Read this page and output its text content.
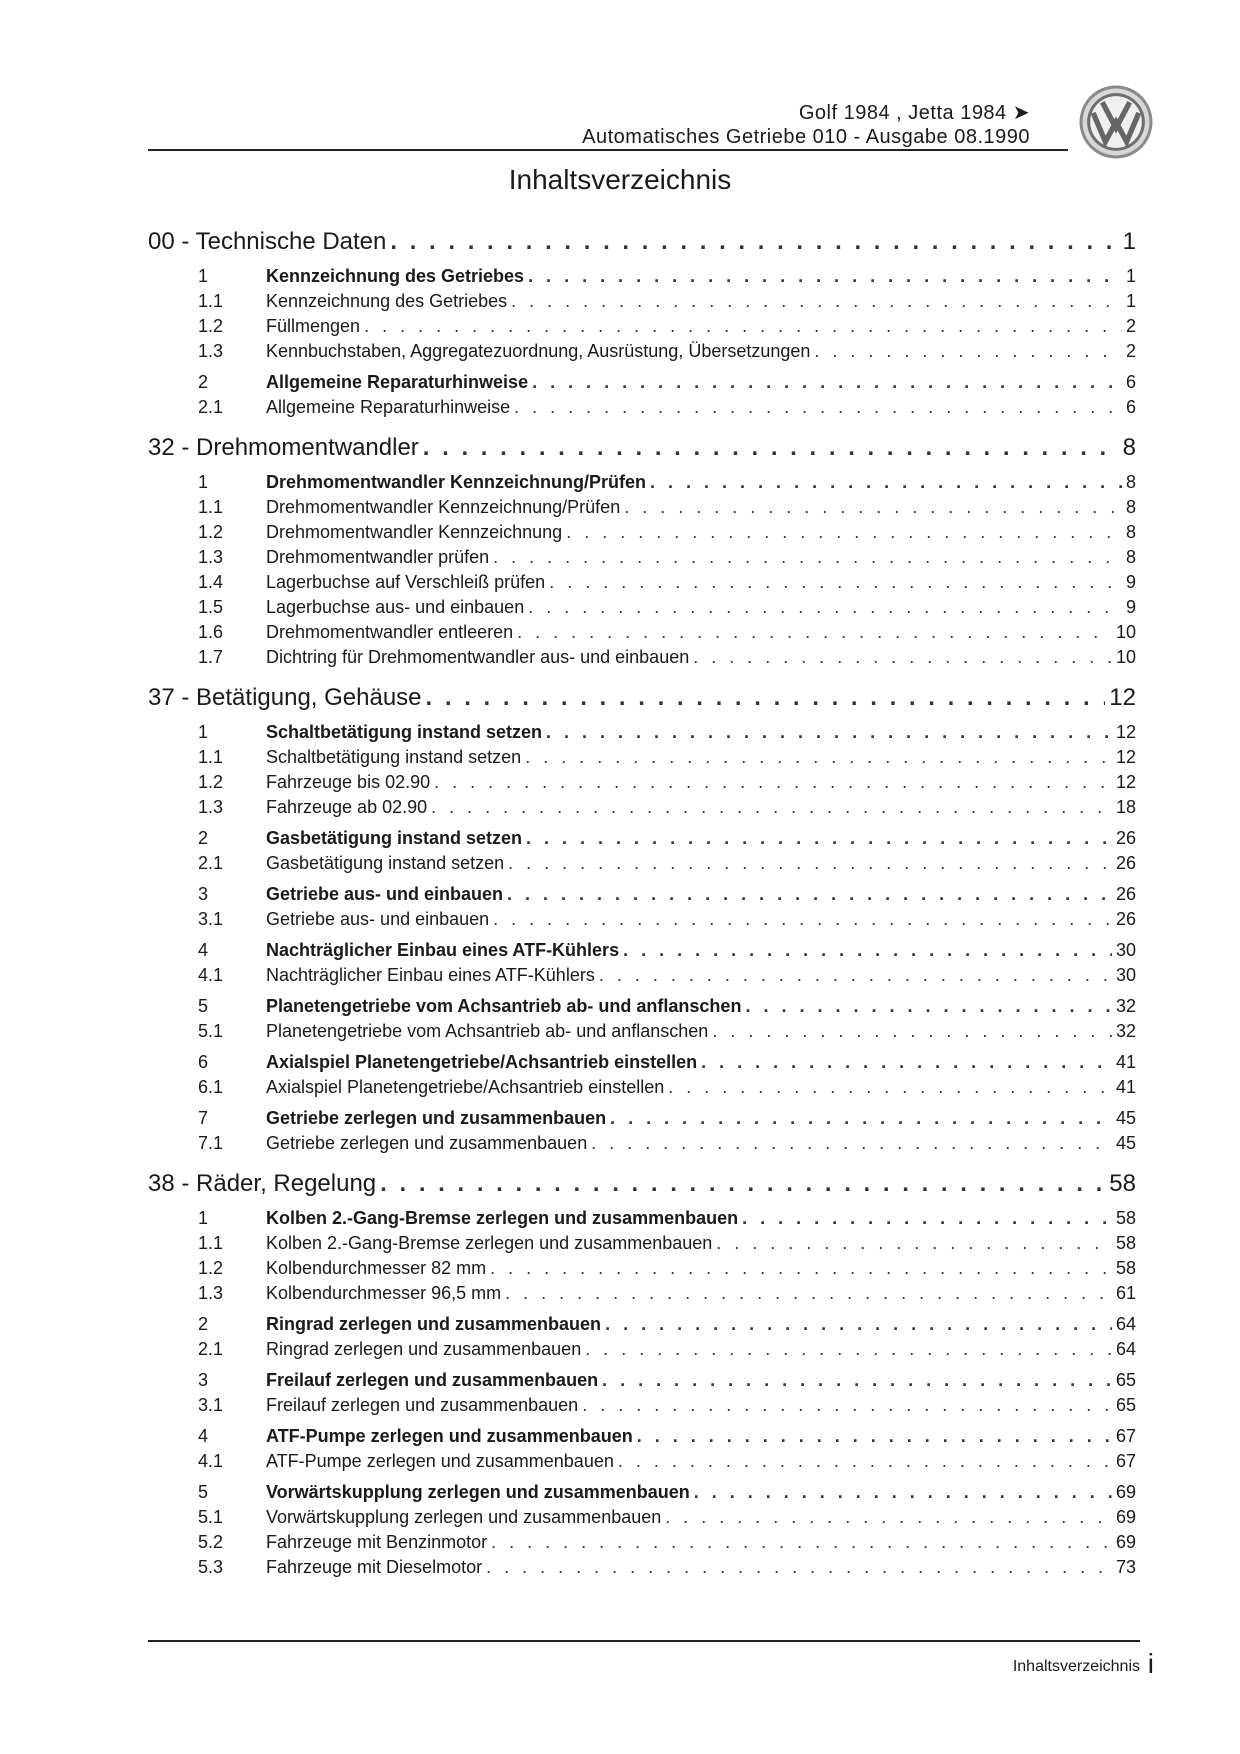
Golf 1984 , Jetta 1984 ➤
Automatisches Getriebe 010 - Ausgabe 08.1990
Inhaltsverzeichnis
00 - Technische Daten . . .	1
1	Kennzeichnung des Getriebes . . .	1
1.1	Kennzeichnung des Getriebes . . .	1
1.2	Füllmengen . . .	2
1.3	Kennbuchstaben, Aggregatezuordnung, Ausrüstung, Übersetzungen . . .	2
2	Allgemeine Reparaturhinweise . . .	6
2.1	Allgemeine Reparaturhinweise . . .	6
32 - Drehmomentwandler . . .	8
1	Drehmomentwandler Kennzeichnung/Prüfen . . .	8
1.1	Drehmomentwandler Kennzeichnung/Prüfen . . .	8
1.2	Drehmomentwandler Kennzeichnung . . .	8
1.3	Drehmomentwandler prüfen . . .	8
1.4	Lagerbuchse auf Verschleiß prüfen . . .	9
1.5	Lagerbuchse aus- und einbauen . . .	9
1.6	Drehmomentwandler entleeren . . .	10
1.7	Dichtring für Drehmomentwandler aus- und einbauen . . .	10
37 - Betätigung, Gehäuse . . .	12
1	Schaltbetätigung instand setzen . . .	12
1.1	Schaltbetätigung instand setzen . . .	12
1.2	Fahrzeuge bis 02.90 . . .	12
1.3	Fahrzeuge ab 02.90 . . .	18
2	Gasbetätigung instand setzen . . .	26
2.1	Gasbetätigung instand setzen . . .	26
3	Getriebe aus- und einbauen . . .	26
3.1	Getriebe aus- und einbauen . . .	26
4	Nachträglicher Einbau eines ATF-Kühlers . . .	30
4.1	Nachträglicher Einbau eines ATF-Kühlers . . .	30
5	Planetengetriebe vom Achsantrieb ab- und anflanschen . . .	32
5.1	Planetengetriebe vom Achsantrieb ab- und anflanschen . . .	32
6	Axialspiel Planetengetriebe/Achsantrieb einstellen . . .	41
6.1	Axialspiel Planetengetriebe/Achsantrieb einstellen . . .	41
7	Getriebe zerlegen und zusammenbauen . . .	45
7.1	Getriebe zerlegen und zusammenbauen . . .	45
38 - Räder, Regelung . . .	58
1	Kolben 2.-Gang-Bremse zerlegen und zusammenbauen . . .	58
1.1	Kolben 2.-Gang-Bremse zerlegen und zusammenbauen . . .	58
1.2	Kolbendurchmesser 82 mm . . .	58
1.3	Kolbendurchmesser 96,5 mm . . .	61
2	Ringrad zerlegen und zusammenbauen . . .	64
2.1	Ringrad zerlegen und zusammenbauen . . .	64
3	Freilauf zerlegen und zusammenbauen . . .	65
3.1	Freilauf zerlegen und zusammenbauen . . .	65
4	ATF-Pumpe zerlegen und zusammenbauen . . .	67
4.1	ATF-Pumpe zerlegen und zusammenbauen . . .	67
5	Vorwärtskupplung zerlegen und zusammenbauen . . .	69
5.1	Vorwärtskupplung zerlegen und zusammenbauen . . .	69
5.2	Fahrzeuge mit Benzinmotor . . .	69
5.3	Fahrzeuge mit Dieselmotor . . .	73
Inhaltsverzeichnis i
